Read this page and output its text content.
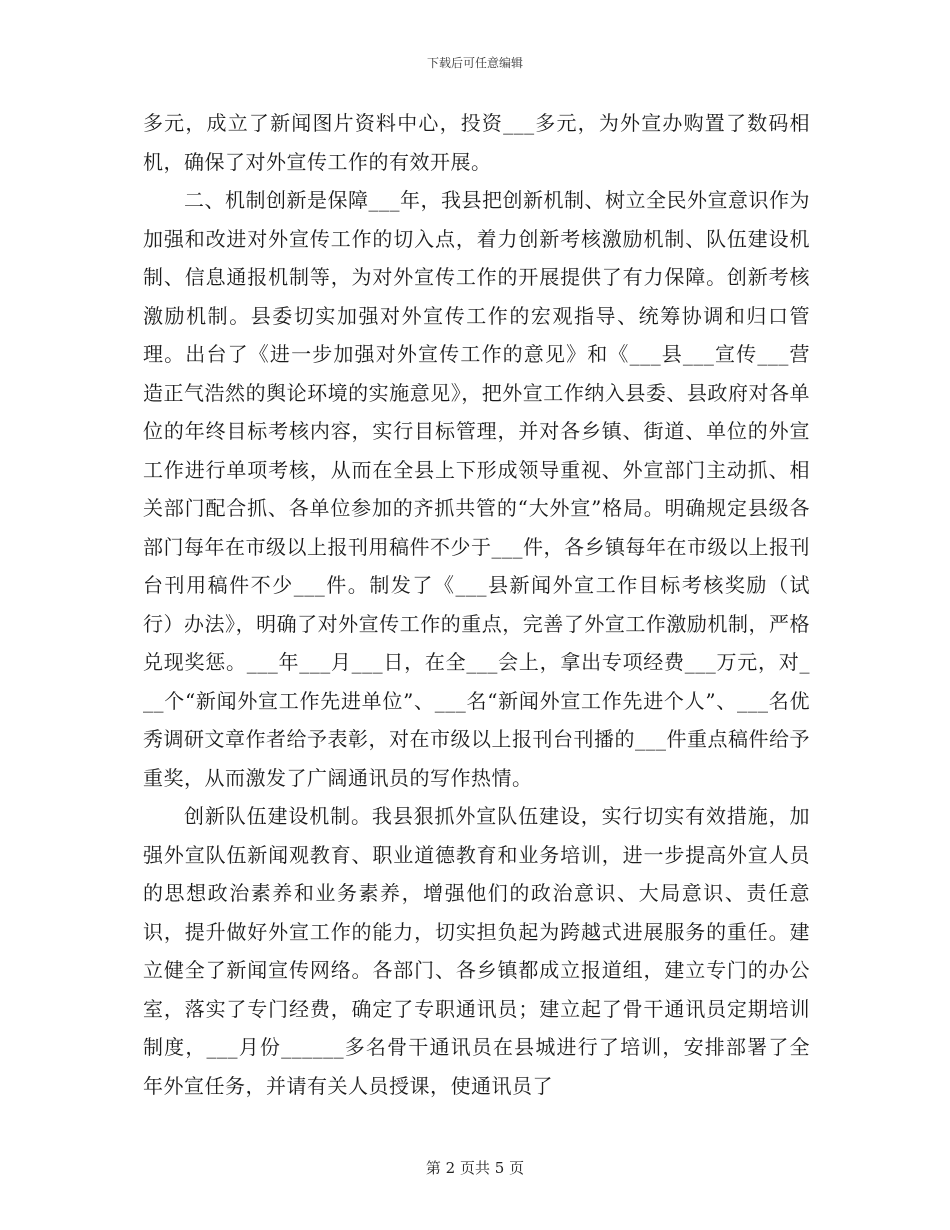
下载后可任意编辑

多元，成立了新闻图片资料中心，投资___多元，为外宣办购置了数码相机，确保了对外宣传工作的有效开展。

二、机制创新是保障___年，我县把创新机制、树立全民外宣意识作为加强和改进对外宣传工作的切入点，着力创新考核激励机制、队伍建设机制、信息通报机制等，为对外宣传工作的开展提供了有力保障。创新考核激励机制。县委切实加强对外宣传工作的宏观指导、统筹协调和归口管理。出台了《进一步加强对外宣传工作的意见》和《___县___宣传___营造正气浩然的舆论环境的实施意见》，把外宣工作纳入县委、县政府对各单位的年终目标考核内容，实行目标管理，并对各乡镇、街道、单位的外宣工作进行单项考核，从而在全县上下形成领导重视、外宣部门主动抓、相关部门配合抓、各单位参加的齐抓共管的“大外宣”格局。明确规定县级各部门每年在市级以上报刊用稿件不少于___件，各乡镇每年在市级以上报刊台刊用稿件不少___件。制发了《___县新闻外宣工作目标考核奖励（试行）办法》，明确了对外宣传工作的重点，完善了外宣工作激励机制，严格兑现奖惩。___年___月___日，在全___会上，拿出专项经费___万元，对___个“新闻外宣工作先进单位”、___名“新闻外宣工作先进个人”、___名优秀调研文章作者给予表彰，对在市级以上报刊台刊播的___件重点稿件给予重奖，从而激发了广阔通讯员的写作热情。

创新队伍建设机制。我县狠抓外宣队伍建设，实行切实有效措施，加强外宣队伍新闻观教育、职业道德教育和业务培训，进一步提高外宣人员的思想政治素养和业务素养，增强他们的政治意识、大局意识、责任意识，提升做好外宣工作的能力，切实担负起为跨越式进展服务的重任。建立健全了新闻宣传网络。各部门、各乡镇都成立报道组，建立专门的办公室，落实了专门经费，确定了专职通讯员；建立起了骨干通讯员定期培训制度，___月份______多名骨干通讯员在县城进行了培训，安排部署了全年外宣任务，并请有关人员授课，使通讯员了

第 2 页共 5 页
